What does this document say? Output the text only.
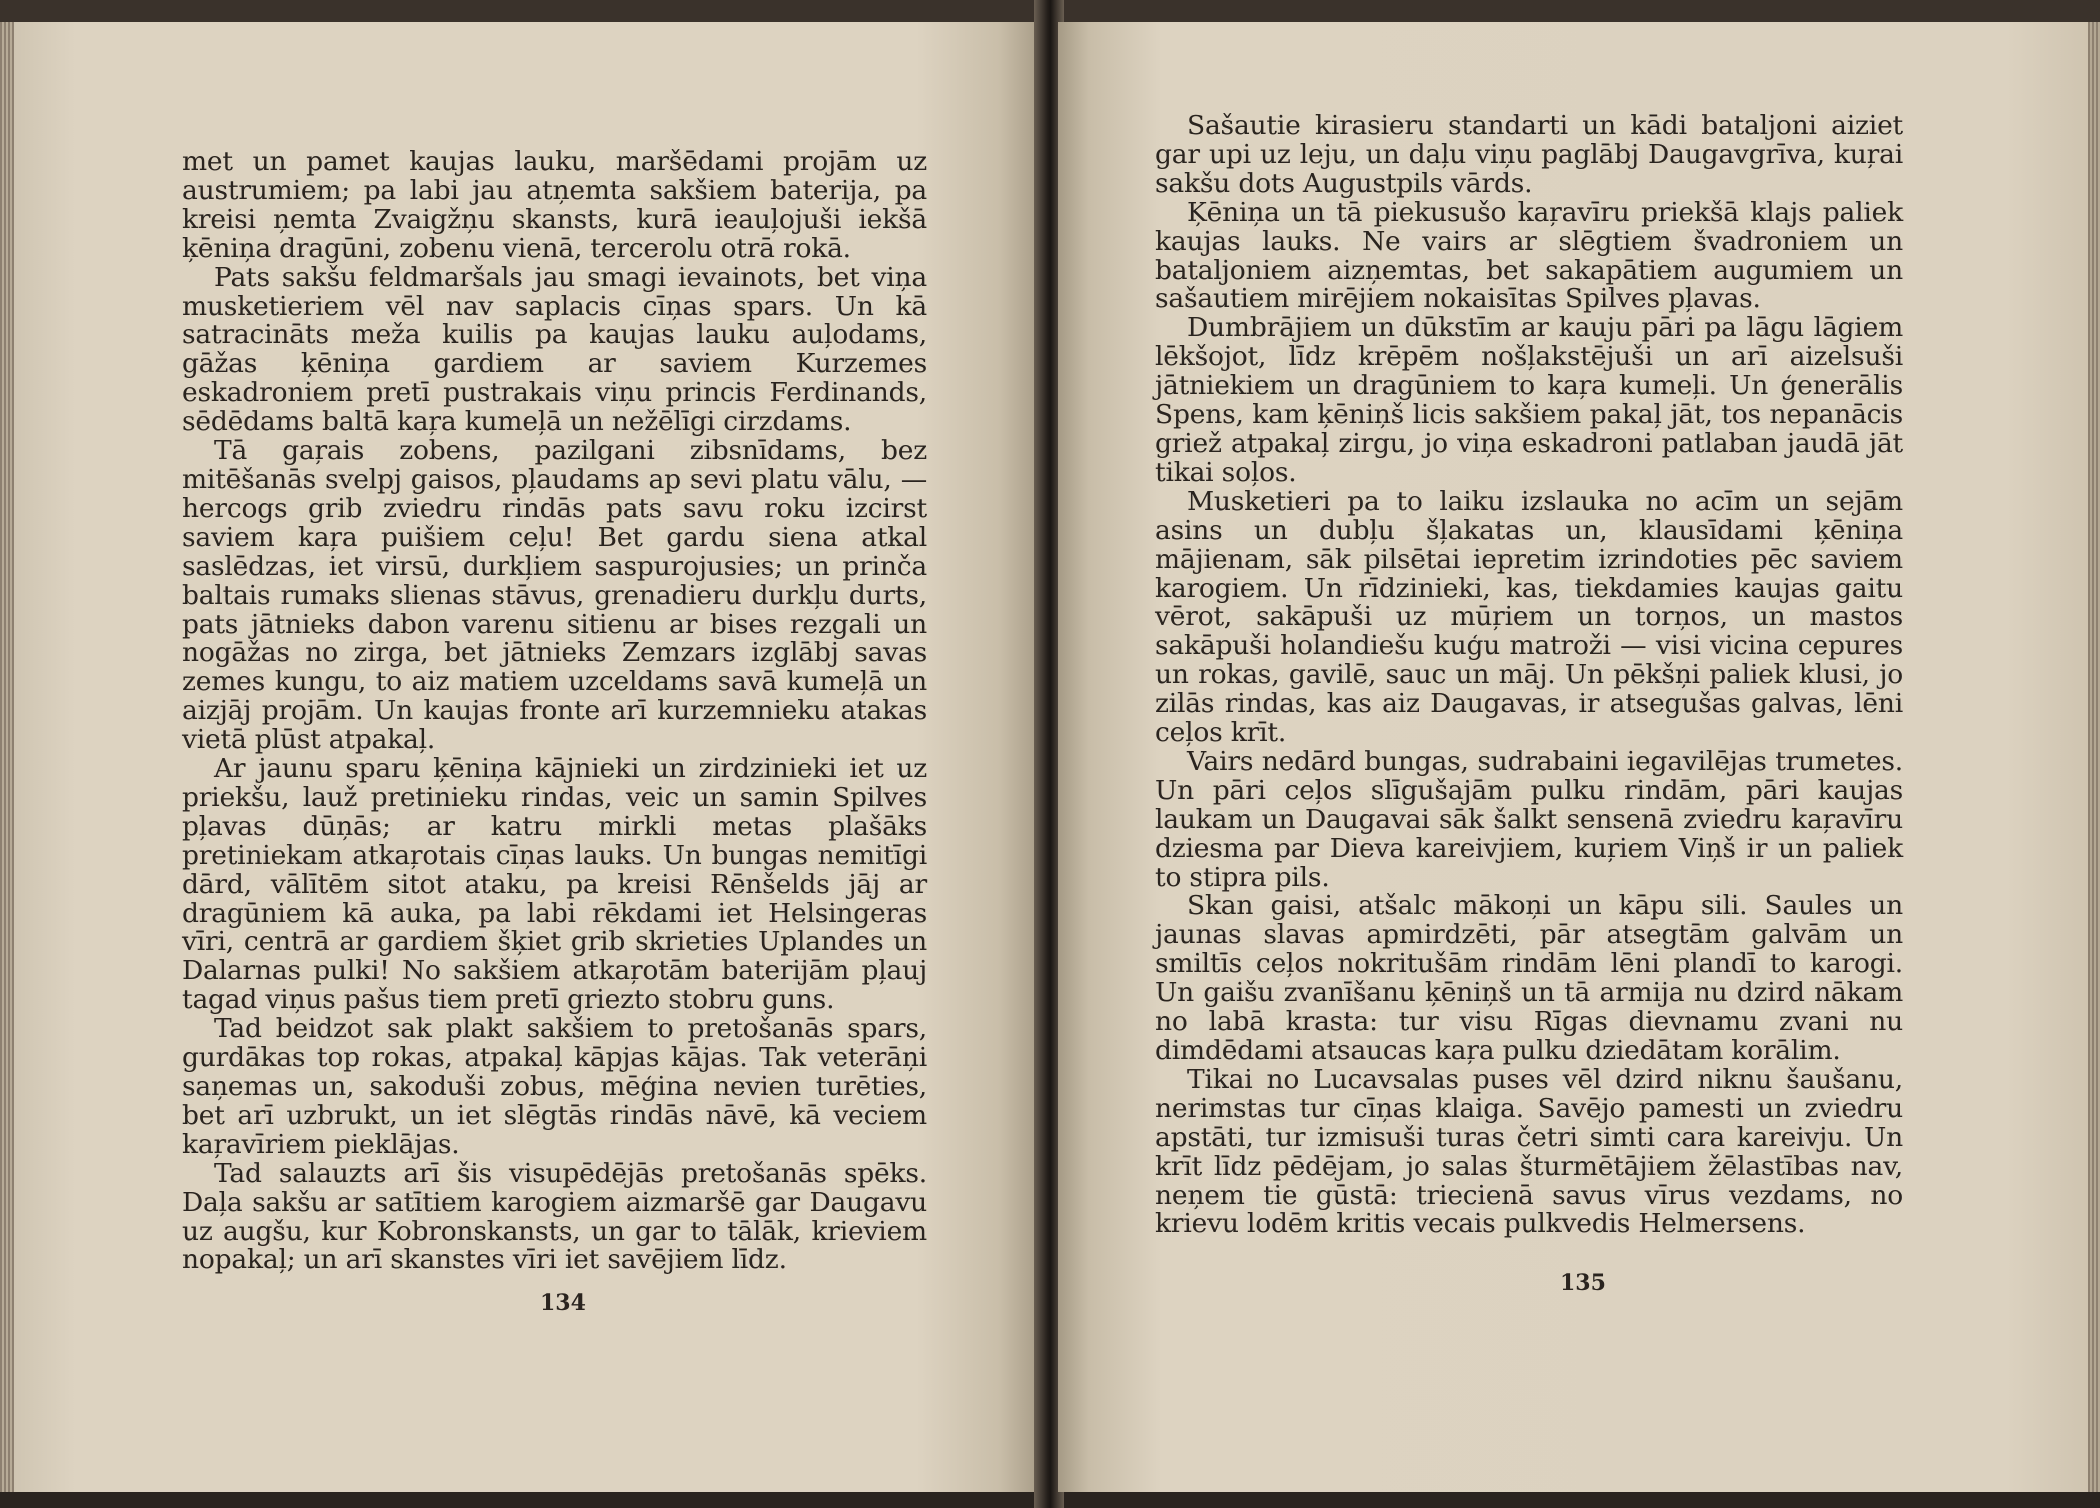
met un pamet kaujas lauku, maršēdami projām uz austrumiem; pa labi jau atņemta sakšiem baterija, pa kreisi ņemta Zvaigžņu skansts, kurā ieauļojuši iekšā ķēniņa dragūni, zobenu vienā, tercerolu otrā rokā.

Pats sakšu feldmaršals jau smagi ievainots, bet viņa musketieriem vēl nav saplacis cīņas spars. Un kā satracināts meža kuilis pa kaujas lauku auļodams, gāžas ķēniņa gardiem ar saviem Kurzemes eskadroniem pretī pustrakais viņu princis Ferdinands, sēdēdams baltā kaŗa kumeļā un nežēlīgi cirzdams.

Tā gaŗais zobens, pazilgani zibsnīdams, bez mitēšanās svelpj gaisos, pļaudams ap sevi platu vālu, — hercogs grib zviedru rindās pats savu roku izcirst saviem kaŗa puišiem ceļu! Bet gardu siena atkal saslēdzas, iet virsū, durkļiem saspurojusies; un prinča baltais rumaks slienas stāvus, grenadieru durkļu durts, pats jātnieks dabon varenu sitienu ar bises rezgali un nogāžas no zirga, bet jātnieks Zemzars izglābj savas zemes kungu, to aiz matiem uzceldams savā kumeļā un aizjāj projām. Un kaujas fronte arī kurzemnieku atakas vietā plūst atpakaļ.

Ar jaunu sparu ķēniņa kājnieki un zirdzinieki iet uz priekšu, lauž pretinieku rindas, veic un samin Spilves pļavas dūņās; ar katru mirkli metas plašāks pretiniekam atkaŗotais cīņas lauks. Un bungas nemitīgi dārd, vālītēm sitot ataku, pa kreisi Rēnšelds jāj ar dragūniem kā auka, pa labi rēkdami iet Helsingeras vīri, centrā ar gardiem šķiet grib skrieties Uplandes un Dalarnas pulki! No sakšiem atkaŗotām baterijām pļauj tagad viņus pašus tiem pretī griezto stobru guns.

Tad beidzot sak plakt sakšiem to pretošanās spars, gurdākas top rokas, atpakaļ kāpjas kājas. Tak veterāņi saņemas un, sakoduši zobus, mēģina nevien turēties, bet arī uzbrukt, un iet slēgtās rindās nāvē, kā veciem kaŗavīriem pieklājas.

Tad salauzts arī šis visupēdējās pretošanās spēks. Daļa sakšu ar satītiem karogiem aizmaršē gar Daugavu uz augšu, kur Kobronskansts, un gar to tālāk, krieviem nopakaļ; un arī skanstes vīri iet savējiem līdz.

134

Sašautie kirasieru standarti un kādi bataljoni aiziet gar upi uz leju, un daļu viņu paglābj Daugavgrīva, kuŗai sakšu dots Augustpils vārds.

Ķēniņa un tā piekusušo kaŗavīru priekšā klajs paliek kaujas lauks. Ne vairs ar slēgtiem švadroniem un bataljoniem aizņemtas, bet sakapātiem augumiem un sašautiem mirējiem nokaisītas Spilves pļavas.

Dumbrājiem un dūkstīm ar kauju pāri pa lāgu lāgiem lēkšojot, līdz krēpēm nošļakstējuši un arī aizelsuši jātniekiem un dragūniem to kaŗa kumeļi. Un ģenerālis Spens, kam ķēniņš licis sakšiem pakaļ jāt, tos nepanācis griež atpakaļ zirgu, jo viņa eskadroni patlaban jaudā jāt tikai soļos.

Musketieri pa to laiku izslauka no acīm un sejām asins un dubļu šļakatas un, klausīdami ķēniņa mājienam, sāk pilsētai iepretim izrindoties pēc saviem karogiem. Un rīdzinieki, kas, tiekdamies kaujas gaitu vērot, sakāpuši uz mūŗiem un torņos, un mastos sakāpuši holandiešu kuģu matroži — visi vicina cepures un rokas, gavilē, sauc un māj. Un pēkšņi paliek klusi, jo zilās rindas, kas aiz Daugavas, ir atsegušas galvas, lēni ceļos krīt.

Vairs nedārd bungas, sudrabaini iegavilējas trumetes. Un pāri ceļos slīgušajām pulku rindām, pāri kaujas laukam un Daugavai sāk šalkt sensenā zviedru kaŗavīru dziesma par Dieva kareivjiem, kuŗiem Viņš ir un paliek to stipra pils.

Skan gaisi, atšalc mākoņi un kāpu sili. Saules un jaunas slavas apmirdzēti, pār atsegtām galvām un smiltīs ceļos nokritušām rindām lēni plandī to karogi. Un gaišu zvanīšanu ķēniņš un tā armija nu dzird nākam no labā krasta: tur visu Rīgas dievnamu zvani nu dimdēdami atsaucas kaŗa pulku dziedātam korālim.

Tikai no Lucavsalas puses vēl dzird niknu šaušanu, nerimstas tur cīņas klaiga. Savējo pamesti un zviedru apstāti, tur izmisuši turas četri simti cara kareivju. Un krīt līdz pēdējam, jo salas šturmētājiem žēlastības nav, neņem tie gūstā: triecienā savus vīrus vezdams, no krievu lodēm kritis vecais pulkvedis Helmersens.

135
